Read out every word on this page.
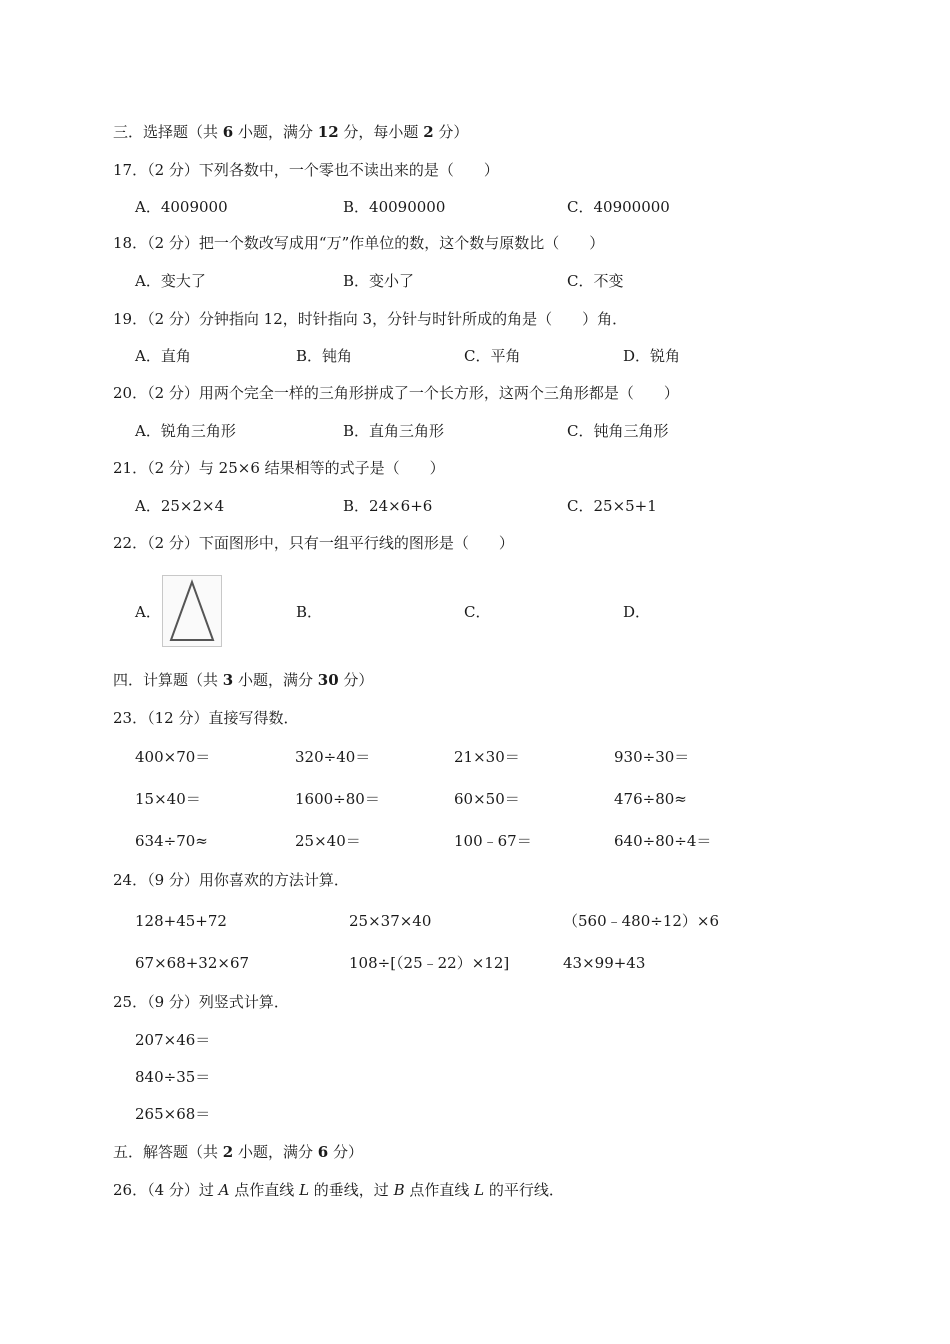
三．选择题（共 6 小题，满分 12 分，每小题 2 分）
17．（2 分）下列各数中，一个零也不读出来的是（　　）
A．4009000	B．40090000	C．40900000
18．（2 分）把一个数改写成用“万”作单位的数，这个数与原数比（　　）
A．变大了	B．变小了	C．不变
19．（2 分）分钟指向 12，时针指向 3，分针与时针所成的角是（　　）角．
A．直角	B．钝角	C．平角	D．锐角
20．（2 分）用两个完全一样的三角形拼成了一个长方形，这两个三角形都是（　　）
A．锐角三角形	B．直角三角形	C．钝角三角形
21．（2 分）与 25×6 结果相等的式子是（　　）
A．25×2×4	B．24×6+6	C．25×5+1
22．（2 分）下面图形中，只有一组平行线的图形是（　　）
A．	B．	C．	D．
四．计算题（共 3 小题，满分 30 分）
23．（12 分）直接写得数．
400×70＝	320÷40＝	21×30＝	930÷30＝
15×40＝	1600÷80＝	60×50＝	476÷80≈
634÷70≈	25×40＝	100﹣67＝	640÷80÷4＝
24．（9 分）用你喜欢的方法计算．
128+45+72	25×37×40	（560﹣480÷12）×6
67×68+32×67	108÷[（25﹣22）×12]	43×99+43
25．（9 分）列竖式计算．
207×46＝
840÷35＝
265×68＝
五．解答题（共 2 小题，满分 6 分）
26．（4 分）过 A 点作直线 L 的垂线，过 B 点作直线 L 的平行线．
